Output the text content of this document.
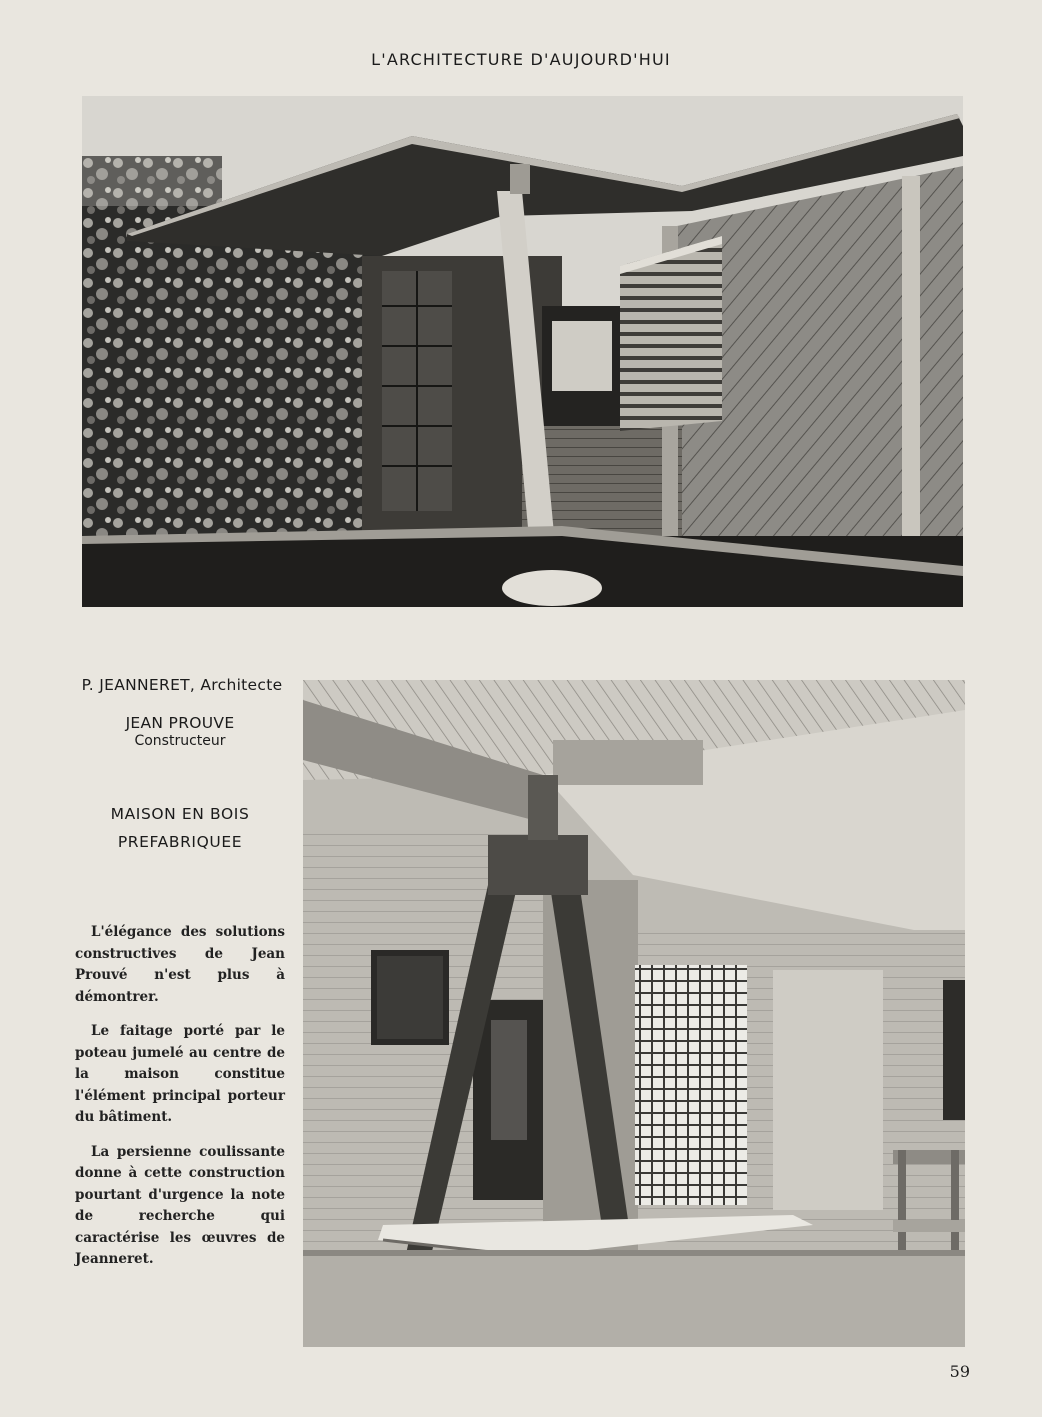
L'ARCHITECTURE D'AUJOURD'HUI
P. JEANNERET, Architecte
JEAN PROUVE
Constructeur
MAISON EN BOIS
PREFABRIQUEE

L'élégance des solutions constructives de Jean Prouvé n'est plus à démontrer.

Le faitage porté par le poteau jumelé au centre de la maison constitue l'élément principal porteur du bâtiment.

La persienne coulissante donne à cette construction pourtant d'urgence la note de recherche qui caractérise les œuvres de Jeanneret.

59
